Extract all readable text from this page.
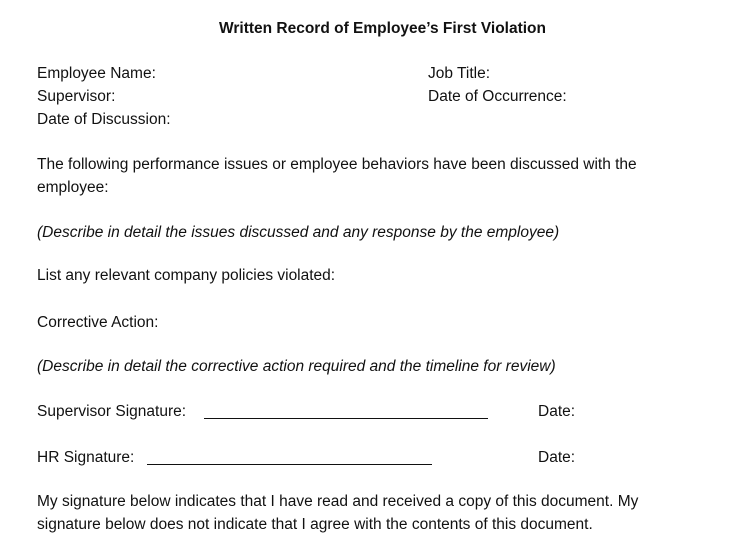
Written Record of Employee’s First Violation
Employee Name:	Job Title:
Supervisor:	Date of Occurrence:
Date of Discussion:
The following performance issues or employee behaviors have been discussed with the
employee:
(Describe in detail the issues discussed and any response by the employee)
List any relevant company policies violated:
Corrective Action:
(Describe in detail the corrective action required and the timeline for review)
Supervisor Signature:	Date:
HR Signature:	Date:
My signature below indicates that I have read and received a copy of this document. My
signature below does not indicate that I agree with the contents of this document.
